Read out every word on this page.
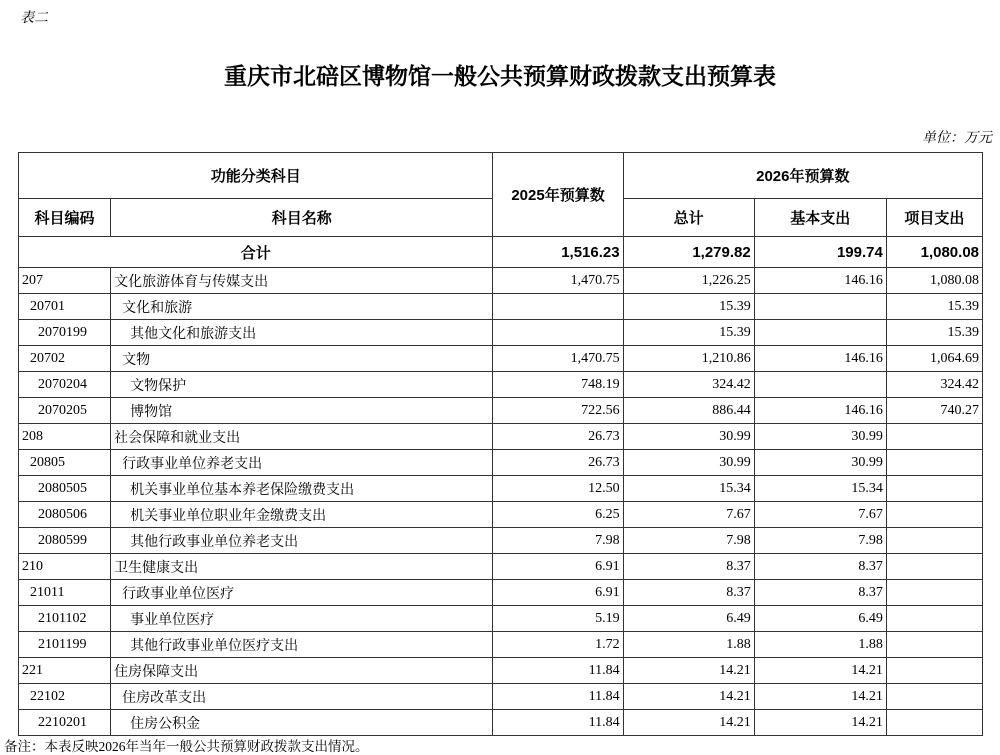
表二
重庆市北碚区博物馆一般公共预算财政拨款支出预算表
单位：万元
功能分类科目		2025年预算数	2026年预算数		
科目编码	科目名称		总计	基本支出	项目支出
合计		1,516.23	1,279.82	199.74	1,080.08
207	文化旅游体育与传媒支出	1,470.75	1,226.25	146.16	1,080.08
20701	文化和旅游		15.39		15.39
2070199	其他文化和旅游支出		15.39		15.39
20702	文物	1,470.75	1,210.86	146.16	1,064.69
2070204	文物保护	748.19	324.42		324.42
2070205	博物馆	722.56	886.44	146.16	740.27
208	社会保障和就业支出	26.73	30.99	30.99	
20805	行政事业单位养老支出	26.73	30.99	30.99	
2080505	机关事业单位基本养老保险缴费支出	12.50	15.34	15.34	
2080506	机关事业单位职业年金缴费支出	6.25	7.67	7.67	
2080599	其他行政事业单位养老支出	7.98	7.98	7.98	
210	卫生健康支出	6.91	8.37	8.37	
21011	行政事业单位医疗	6.91	8.37	8.37	
2101102	事业单位医疗	5.19	6.49	6.49	
2101199	其他行政事业单位医疗支出	1.72	1.88	1.88	
221	住房保障支出	11.84	14.21	14.21	
22102	住房改革支出	11.84	14.21	14.21	
2210201	住房公积金	11.84	14.21	14.21	
备注：本表反映2026年当年一般公共预算财政拨款支出情况。
